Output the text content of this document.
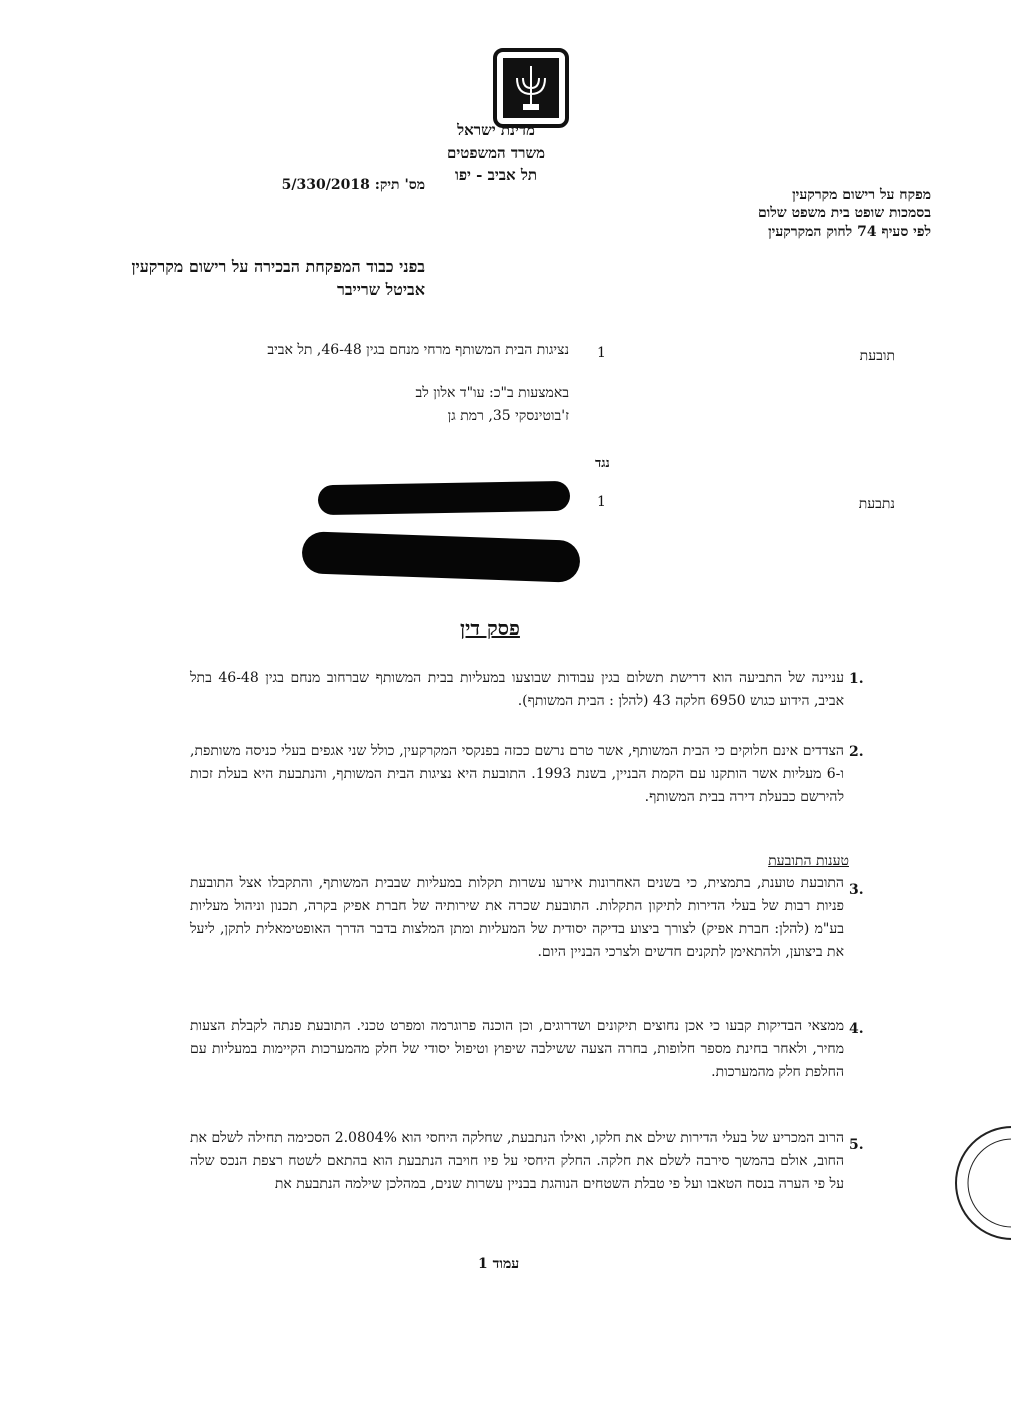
מדינת ישראל
משרד המשפטים
תל אביב - יפו
מס' תיק: 5/330/2018
מפקח על רישום מקרקעין
בסמכות שופט בית משפט שלום
לפי סעיף 74 לחוק המקרקעין
בפני כבוד המפקחת הבכירה על רישום מקרקעין
אביטל שרייבר
תובעת
1
נציגות הבית המשותף מרחי מנחם בגין 46-48, תל אביב
באמצעות ב"כ: עו"ד אלון לב
ז'בוטינסקי 35, רמת גן
נגד
נתבעת
1
פסק דין
1.
עניינה של התביעה הוא דרישת תשלום בגין עבודות שבוצעו במעליות בבית המשותף שברחוב מנחם בגין 46-48 בתל אביב, הידוע כגוש 6950 חלקה 43 (להלן : הבית המשותף).
2.
הצדדים אינם חלוקים כי הבית המשותף, אשר טרם נרשם ככזה בפנקסי המקרקעין, כולל שני אגפים בעלי כניסה משותפת, ו-6 מעליות אשר הותקנו עם הקמת הבניין, בשנת 1993. התובעת היא נציגות הבית המשותף, והנתבעת היא בעלת זכות להירשם כבעלת דירה בבית המשותף.
טענות התובעת
3.
התובעת טוענת, בתמצית, כי בשנים האחרונות אירעו עשרות תקלות במעליות שבבית המשותף, והתקבלו אצל התובעת פניות רבות של בעלי הדירות לתיקון התקלות. התובעת שכרה את שירותיה של חברת אפיק בקרה, תכנון וניהול מעליות בע"מ (להלן: חברת אפיק) לצורך ביצוע בדיקה יסודית של המעליות ומתן המלצות בדבר הדרך האופטימאלית לתקן, ליעל את ביצוען, ולהתאימן לתקנים חדשים ולצרכי הבניין היום.
4.
ממצאי הבדיקות קבעו כי אכן נחוצים תיקונים ושדרוגים, וכן הוכנה פרוגרמה ומפרט טכני. התובעת פנתה לקבלת הצעות מחיר, ולאחר בחינת מספר חלופות, בחרה הצעה ששילבה שיפוץ וטיפול יסודי של חלק מהמערכות הקיימות במעליות עם החלפת חלק מהמערכות.
5.
הרוב המכריע של בעלי הדירות שילם את חלקו, ואילו הנתבעת, שחלקה היחסי הוא 2.0804% הסכימה תחילה לשלם את החוב, אולם בהמשך סירבה לשלם את חלקה. החלק היחסי על פיו חויבה הנתבעת הוא בהתאם לשטח רצפת הנכס שלה על פי הערה בנסח הטאבו ועל פי טבלת השטחים הנוהגת בבניין עשרות שנים, במהלכן שילמה הנתבעת את
עמוד 1
